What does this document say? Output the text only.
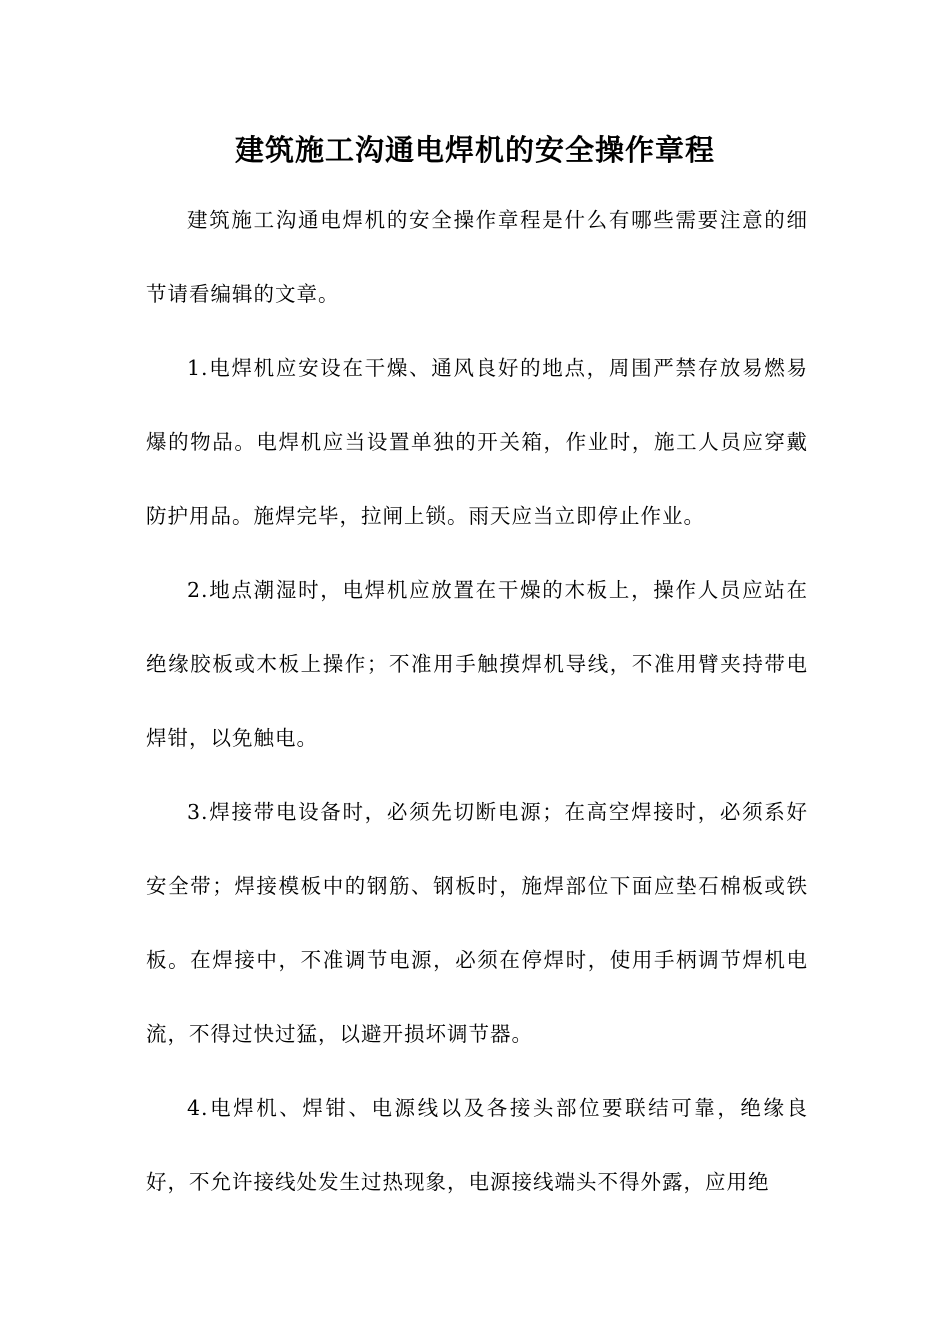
建筑施工沟通电焊机的安全操作章程

建筑施工沟通电焊机的安全操作章程是什么有哪些需要注意的细节请看编辑的文章。

1.电焊机应安设在干燥、通风良好的地点，周围严禁存放易燃易爆的物品。电焊机应当设置单独的开关箱，作业时，施工人员应穿戴防护用品。施焊完毕，拉闸上锁。雨天应当立即停止作业。

2.地点潮湿时，电焊机应放置在干燥的木板上，操作人员应站在绝缘胶板或木板上操作；不准用手触摸焊机导线，不准用臂夹持带电焊钳，以免触电。

3.焊接带电设备时，必须先切断电源；在高空焊接时，必须系好安全带；焊接模板中的钢筋、钢板时，施焊部位下面应垫石棉板或铁板。在焊接中，不准调节电源，必须在停焊时，使用手柄调节焊机电流，不得过快过猛，以避开损坏调节器。

4.电焊机、焊钳、电源线以及各接头部位要联结可靠，绝缘良好，不允许接线处发生过热现象，电源接线端头不得外露，应用绝
